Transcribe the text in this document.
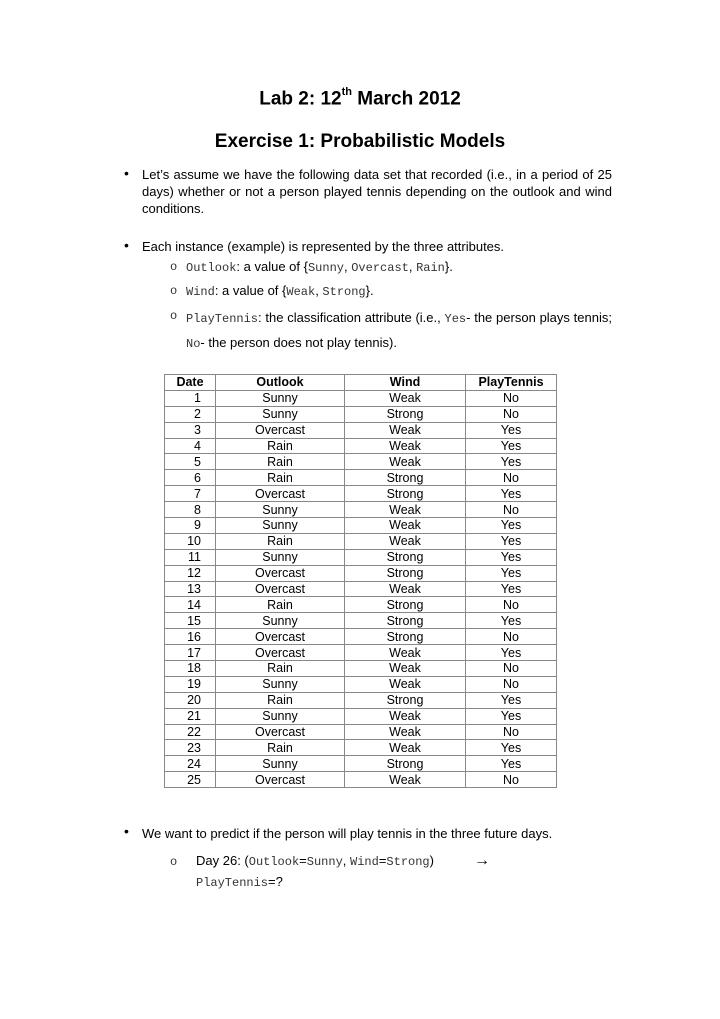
Lab 2: 12th March 2012
Exercise 1: Probabilistic Models
• Let’s assume we have the following data set that recorded (i.e., in a period of 25 days) whether or not a person played tennis depending on the outlook and wind conditions.
• Each instance (example) is represented by the three attributes.
o Outlook: a value of {Sunny, Overcast, Rain}.
o Wind: a value of {Weak, Strong}.
o PlayTennis: the classification attribute (i.e., Yes- the person plays tennis; No- the person does not play tennis).
Date	Outlook	Wind	PlayTennis
1	Sunny	Weak	No
2	Sunny	Strong	No
3	Overcast	Weak	Yes
4	Rain	Weak	Yes
5	Rain	Weak	Yes
6	Rain	Strong	No
7	Overcast	Strong	Yes
8	Sunny	Weak	No
9	Sunny	Weak	Yes
10	Rain	Weak	Yes
11	Sunny	Strong	Yes
12	Overcast	Strong	Yes
13	Overcast	Weak	Yes
14	Rain	Strong	No
15	Sunny	Strong	Yes
16	Overcast	Strong	No
17	Overcast	Weak	Yes
18	Rain	Weak	No
19	Sunny	Weak	No
20	Rain	Strong	Yes
21	Sunny	Weak	Yes
22	Overcast	Weak	No
23	Rain	Weak	Yes
24	Sunny	Strong	Yes
25	Overcast	Weak	No
• We want to predict if the person will play tennis in the three future days.
o Day 26: (Outlook=Sunny, Wind=Strong)	→
PlayTennis=?
